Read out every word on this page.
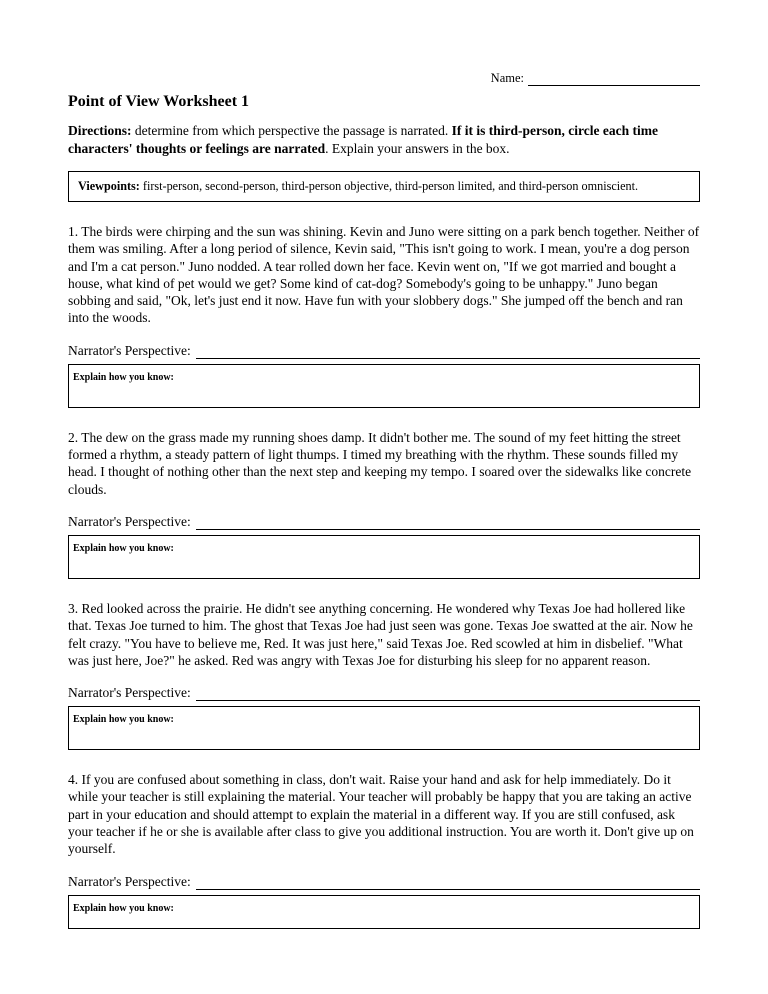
Name:
Point of View Worksheet 1

Directions: determine from which perspective the passage is narrated. If it is third-person, circle each time characters' thoughts or feelings are narrated. Explain your answers in the box.

Viewpoints: first-person, second-person, third-person objective, third-person limited, and third-person omniscient.

1. The birds were chirping and the sun was shining. Kevin and Juno were sitting on a park bench together. Neither of them was smiling. After a long period of silence, Kevin said, "This isn't going to work. I mean, you're a dog person and I'm a cat person." Juno nodded. A tear rolled down her face. Kevin went on, "If we got married and bought a house, what kind of pet would we get? Some kind of cat-dog? Somebody's going to be unhappy." Juno began sobbing and said, "Ok, let's just end it now. Have fun with your slobbery dogs." She jumped off the bench and ran into the woods.

Narrator's Perspective:
Explain how you know:

2. The dew on the grass made my running shoes damp. It didn't bother me. The sound of my feet hitting the street formed a rhythm, a steady pattern of light thumps. I timed my breathing with the rhythm. These sounds filled my head. I thought of nothing other than the next step and keeping my tempo. I soared over the sidewalks like concrete clouds.

Narrator's Perspective:
Explain how you know:

3. Red looked across the prairie. He didn't see anything concerning. He wondered why Texas Joe had hollered like that. Texas Joe turned to him. The ghost that Texas Joe had just seen was gone. Texas Joe swatted at the air. Now he felt crazy. "You have to believe me, Red. It was just here," said Texas Joe. Red scowled at him in disbelief. "What was just here, Joe?" he asked. Red was angry with Texas Joe for disturbing his sleep for no apparent reason.

Narrator's Perspective:
Explain how you know:

4. If you are confused about something in class, don't wait. Raise your hand and ask for help immediately. Do it while your teacher is still explaining the material. Your teacher will probably be happy that you are taking an active part in your education and should attempt to explain the material in a different way. If you are still confused, ask your teacher if he or she is available after class to give you additional instruction. You are worth it. Don't give up on yourself.

Narrator's Perspective:
Explain how you know:
